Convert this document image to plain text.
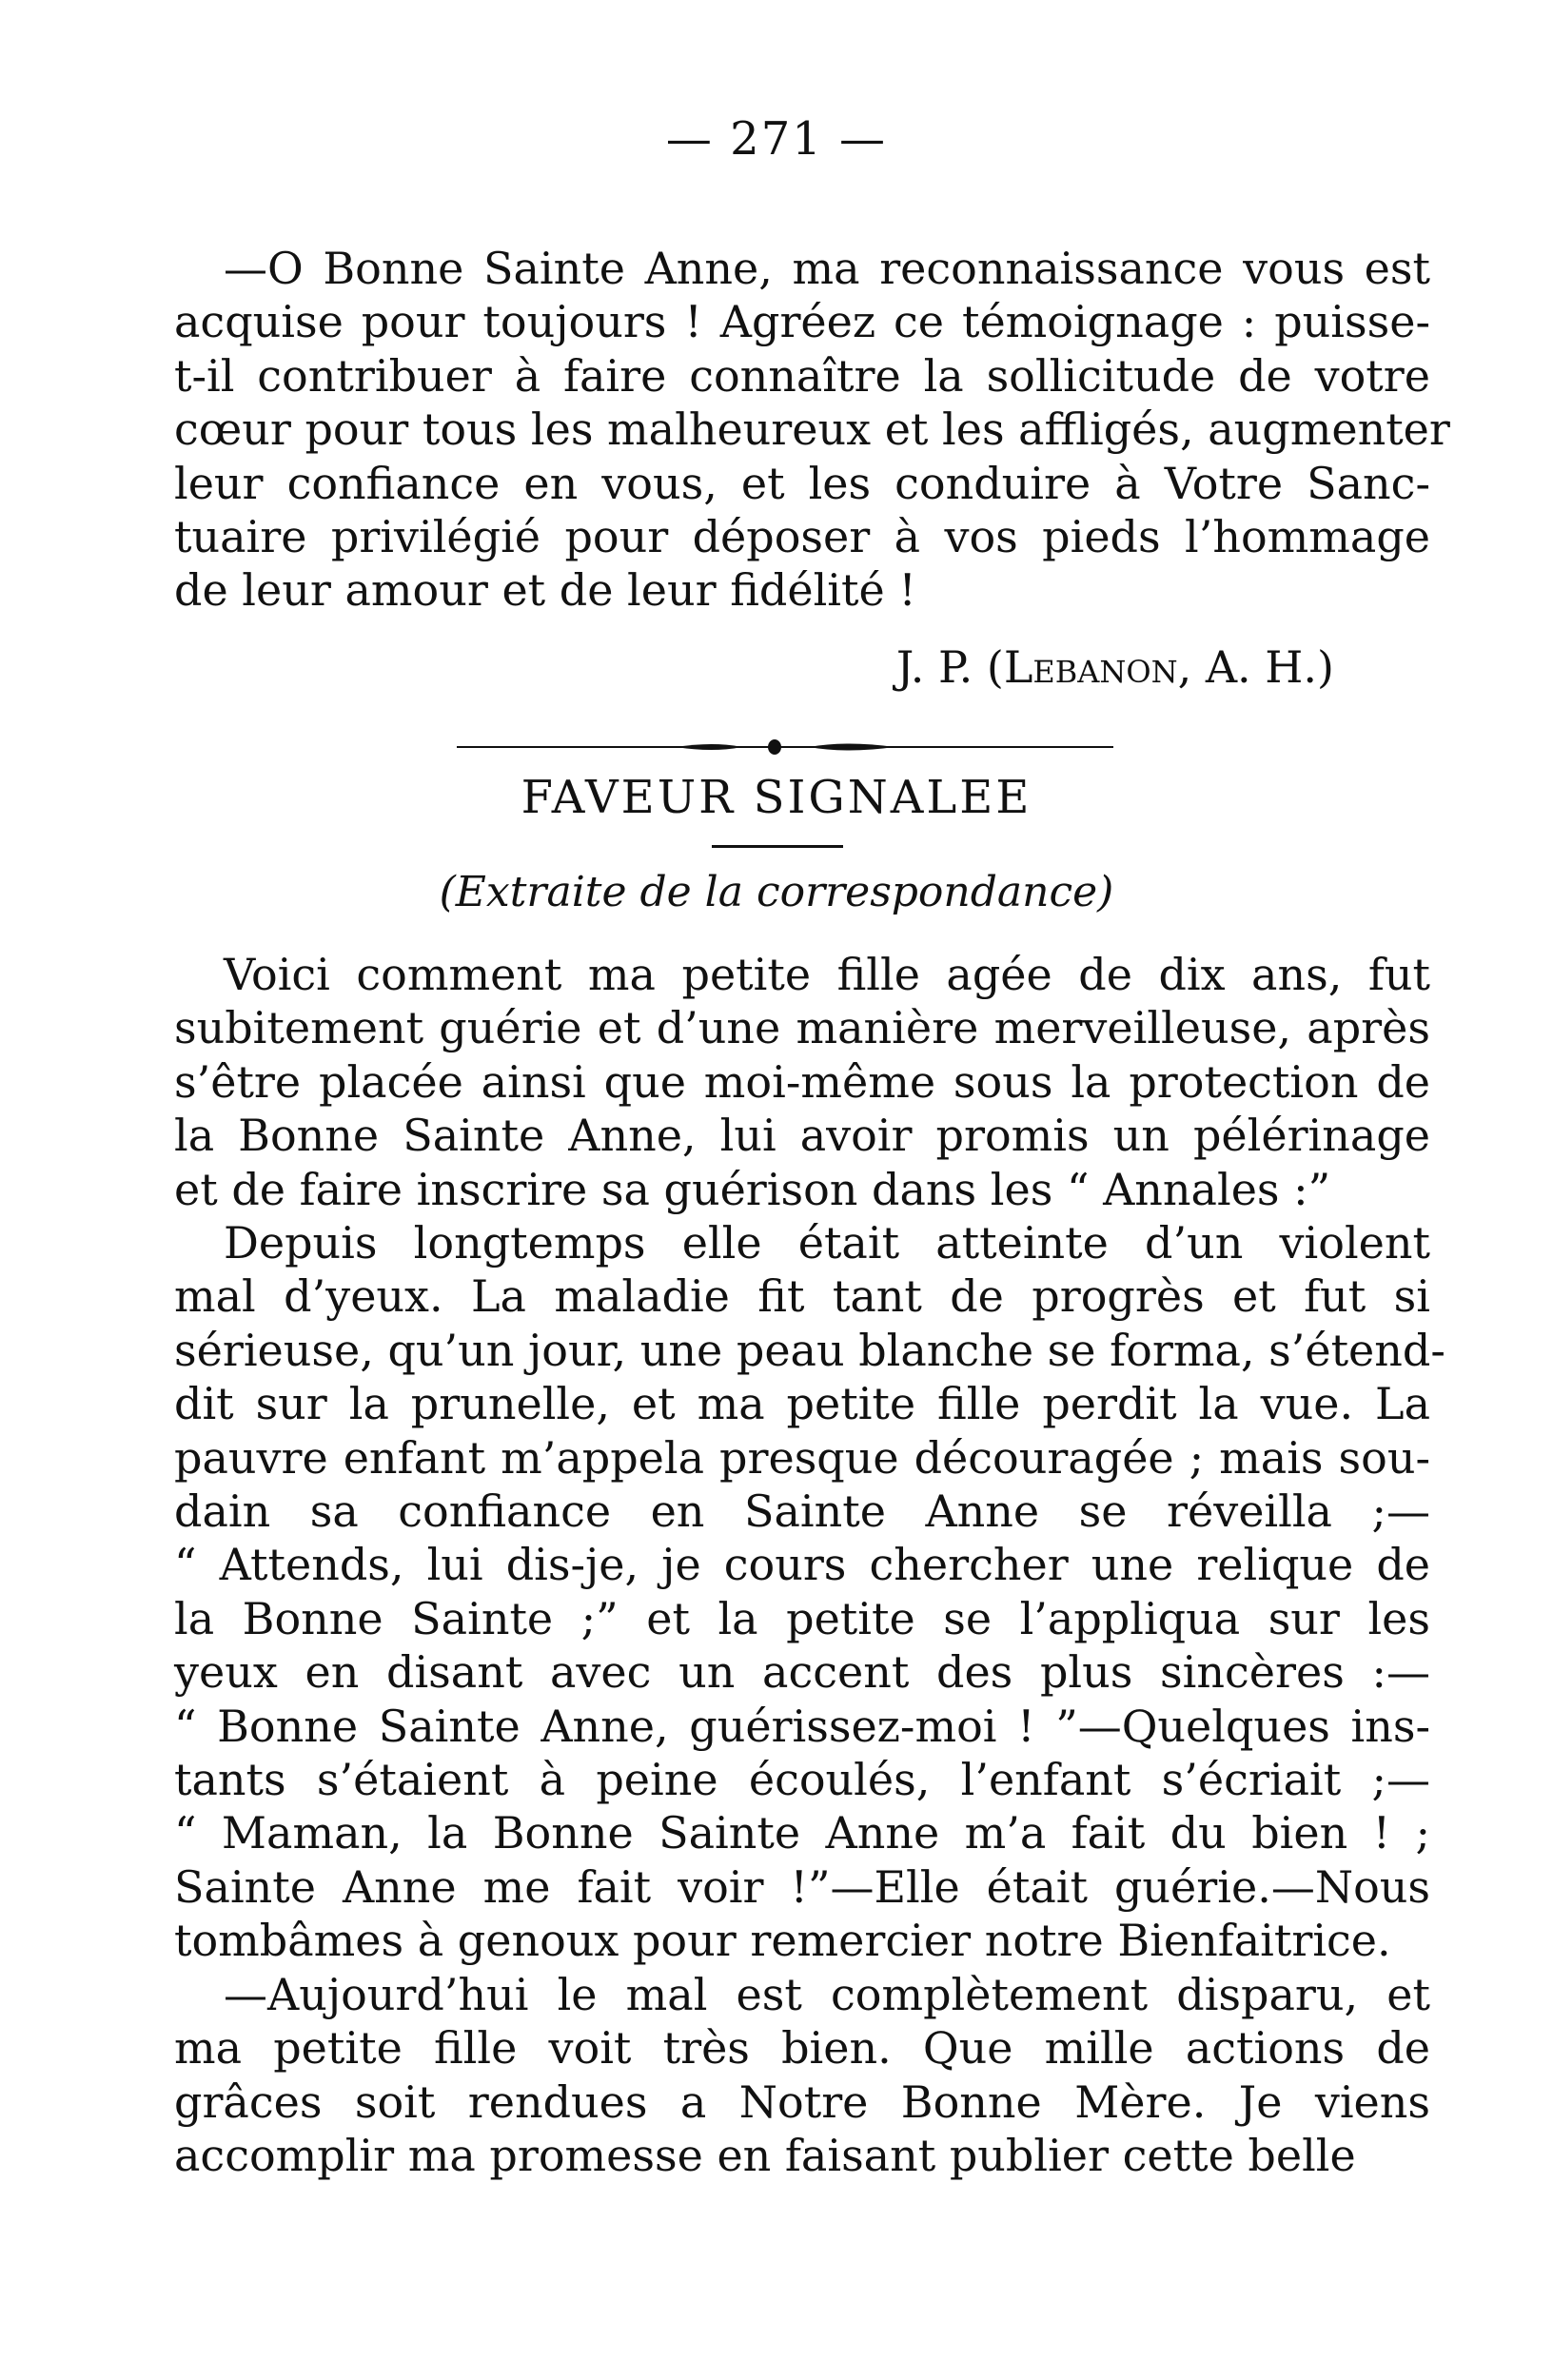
— 271 —
—O Bonne Sainte Anne, ma reconnaissance vous est
acquise pour toujours ! Agréez ce témoignage : puisse-
t-il contribuer à faire connaître la sollicitude de votre
cœur pour tous les malheureux et les affligés, augmenter
leur confiance en vous, et les conduire à Votre Sanc-
tuaire privilégié pour déposer à vos pieds l’hommage
de leur amour et de leur fidélité !
J. P. (Lebanon, A. H.)
FAVEUR SIGNALEE
(Extraite de la correspondance)
Voici comment ma petite fille agée de dix ans, fut
subitement guérie et d’une manière merveilleuse, après
s’être placée ainsi que moi-même sous la protection de
la Bonne Sainte Anne, lui avoir promis un pélérinage
et de faire inscrire sa guérison dans les “ Annales :”
Depuis longtemps elle était atteinte d’un violent
mal d’yeux. La maladie fit tant de progrès et fut si
sérieuse, qu’un jour, une peau blanche se forma, s’étend-
dit sur la prunelle, et ma petite fille perdit la vue. La
pauvre enfant m’appela presque découragée ; mais sou-
dain sa confiance en Sainte Anne se réveilla ;—
“ Attends, lui dis-je, je cours chercher une relique de
la Bonne Sainte ;” et la petite se l’appliqua sur les
yeux en disant avec un accent des plus sincères :—
“ Bonne Sainte Anne, guérissez-moi ! ”—Quelques ins-
tants s’étaient à peine écoulés, l’enfant s’écriait ;—
“ Maman, la Bonne Sainte Anne m’a fait du bien ! ;
Sainte Anne me fait voir !”—Elle était guérie.—Nous
tombâmes à genoux pour remercier notre Bienfaitrice.
—Aujourd’hui le mal est complètement disparu, et
ma petite fille voit très bien. Que mille actions de
grâces soit rendues a Notre Bonne Mère. Je viens
accomplir ma promesse en faisant publier cette belle
